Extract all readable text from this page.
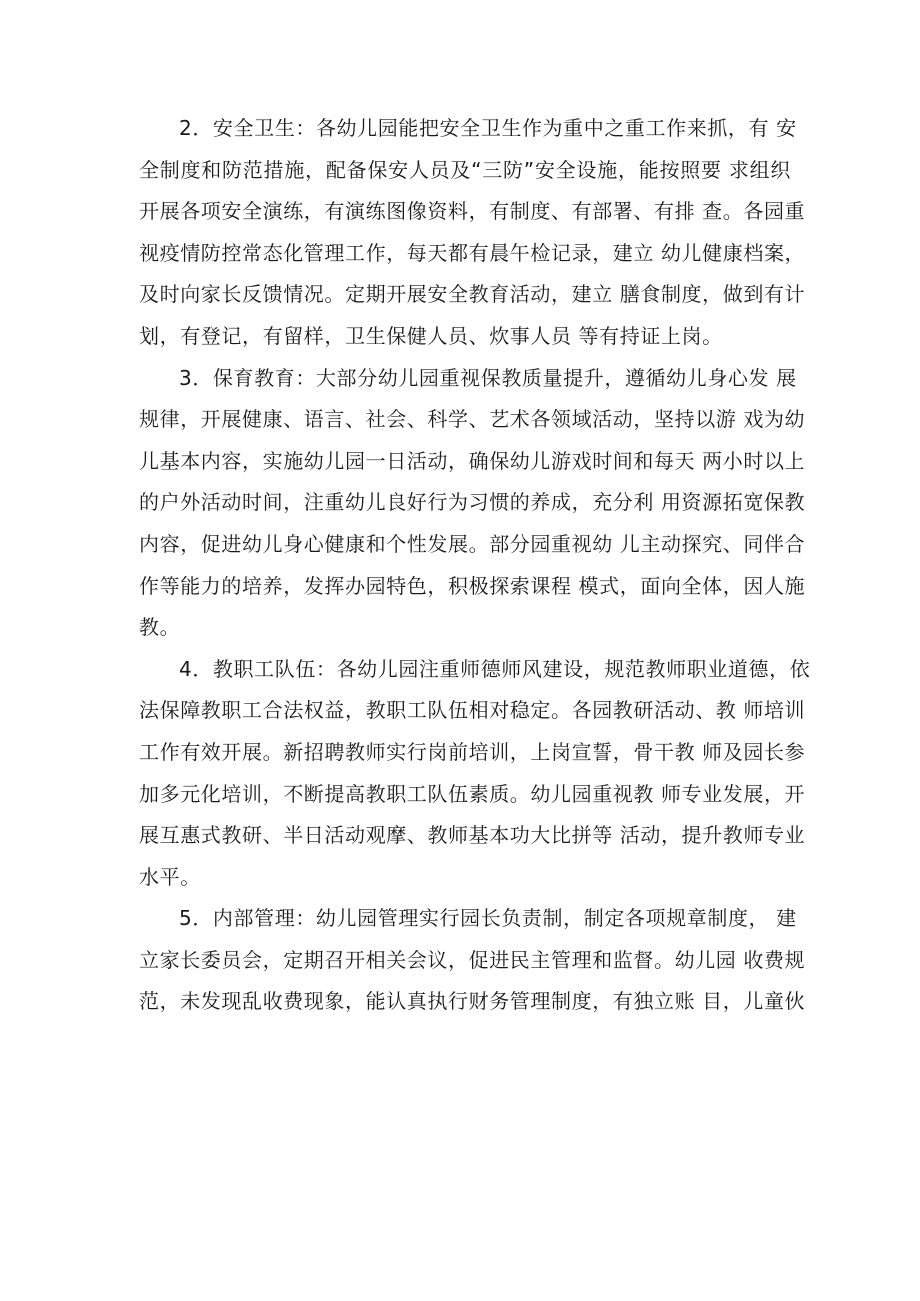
2．安全卫生：各幼儿园能把安全卫生作为重中之重工作来抓，有 安
全制度和防范措施，配备保安人员及“三防”安全设施，能按照要 求组织
开展各项安全演练，有演练图像资料，有制度、有部署、有排 查。各园重
视疫情防控常态化管理工作，每天都有晨午检记录，建立 幼儿健康档案，
及时向家长反馈情况。定期开展安全教育活动，建立 膳食制度，做到有计
划，有登记，有留样，卫生保健人员、炊事人员 等有持证上岗。
3．保育教育：大部分幼儿园重视保教质量提升，遵循幼儿身心发 展
规律，开展健康、语言、社会、科学、艺术各领域活动，坚持以游 戏为幼
儿基本内容，实施幼儿园一日活动，确保幼儿游戏时间和每天 两小时以上
的户外活动时间，注重幼儿良好行为习惯的养成，充分利 用资源拓宽保教
内容，促进幼儿身心健康和个性发展。部分园重视幼 儿主动探究、同伴合
作等能力的培养，发挥办园特色，积极探索课程 模式，面向全体，因人施
教。
4．教职工队伍：各幼儿园注重师德师风建设，规范教师职业道德，依
法保障教职工合法权益，教职工队伍相对稳定。各园教研活动、教 师培训
工作有效开展。新招聘教师实行岗前培训，上岗宣誓，骨干教 师及园长参
加多元化培训，不断提高教职工队伍素质。幼儿园重视教 师专业发展，开
展互惠式教研、半日活动观摩、教师基本功大比拼等 活动，提升教师专业
水平。
5．内部管理：幼儿园管理实行园长负责制，制定各项规章制度， 建
立家长委员会，定期召开相关会议，促进民主管理和监督。幼儿园 收费规
范，未发现乱收费现象，能认真执行财务管理制度，有独立账 目，儿童伙
